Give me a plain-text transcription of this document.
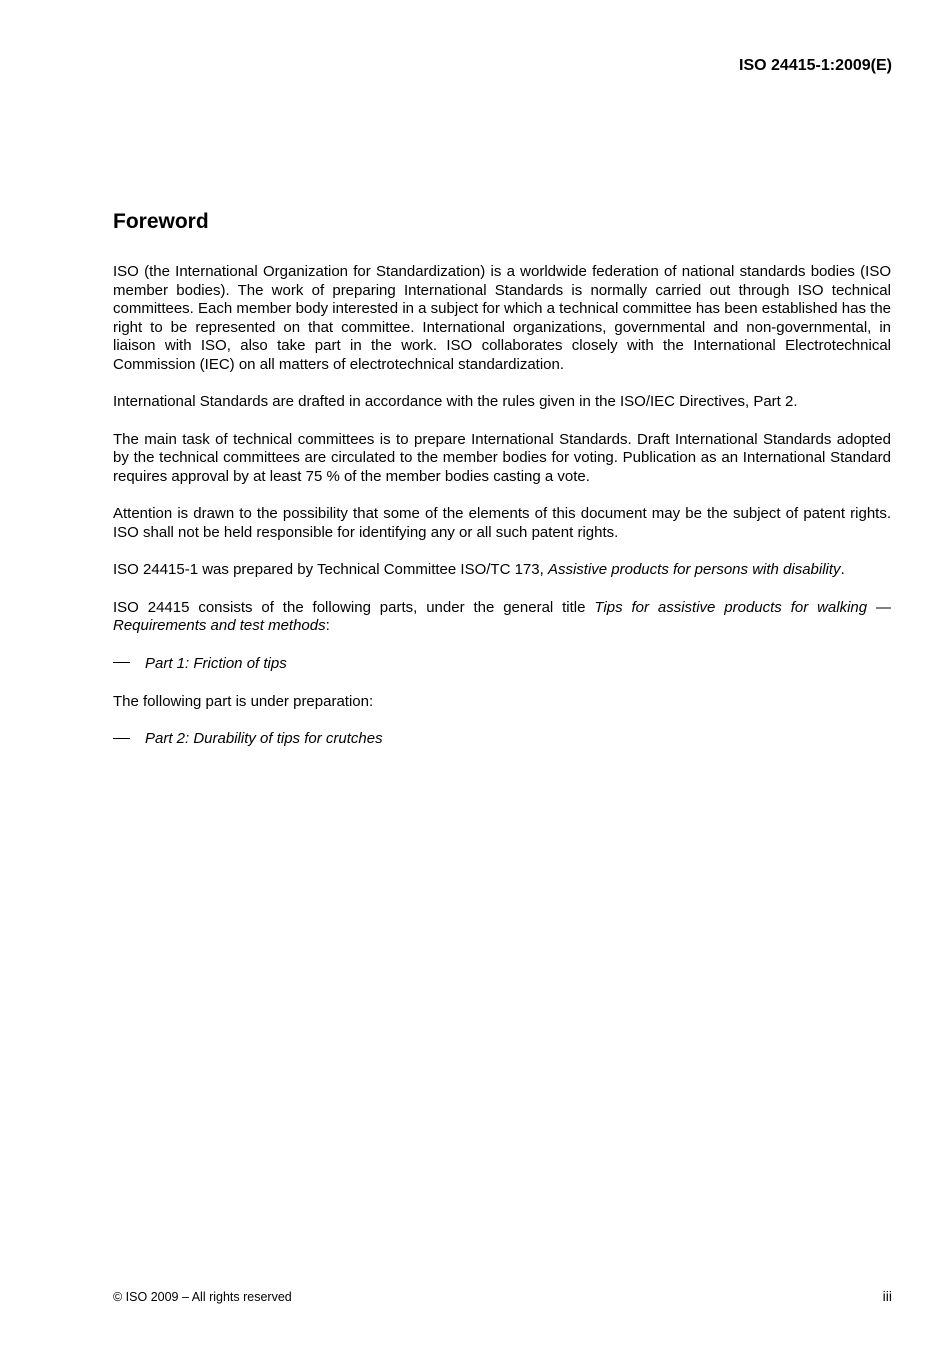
ISO 24415-1:2009(E)
Foreword

ISO (the International Organization for Standardization) is a worldwide federation of national standards bodies (ISO member bodies). The work of preparing International Standards is normally carried out through ISO technical committees. Each member body interested in a subject for which a technical committee has been established has the right to be represented on that committee. International organizations, governmental and non-governmental, in liaison with ISO, also take part in the work. ISO collaborates closely with the International Electrotechnical Commission (IEC) on all matters of electrotechnical standardization.

International Standards are drafted in accordance with the rules given in the ISO/IEC Directives, Part 2.

The main task of technical committees is to prepare International Standards. Draft International Standards adopted by the technical committees are circulated to the member bodies for voting. Publication as an International Standard requires approval by at least 75 % of the member bodies casting a vote.

Attention is drawn to the possibility that some of the elements of this document may be the subject of patent rights. ISO shall not be held responsible for identifying any or all such patent rights.

ISO 24415-1 was prepared by Technical Committee ISO/TC 173, Assistive products for persons with disability.

ISO 24415 consists of the following parts, under the general title Tips for assistive products for walking — Requirements and test methods:

Part 1: Friction of tips

The following part is under preparation:

Part 2: Durability of tips for crutches
© ISO 2009 – All rights reserved	iii
